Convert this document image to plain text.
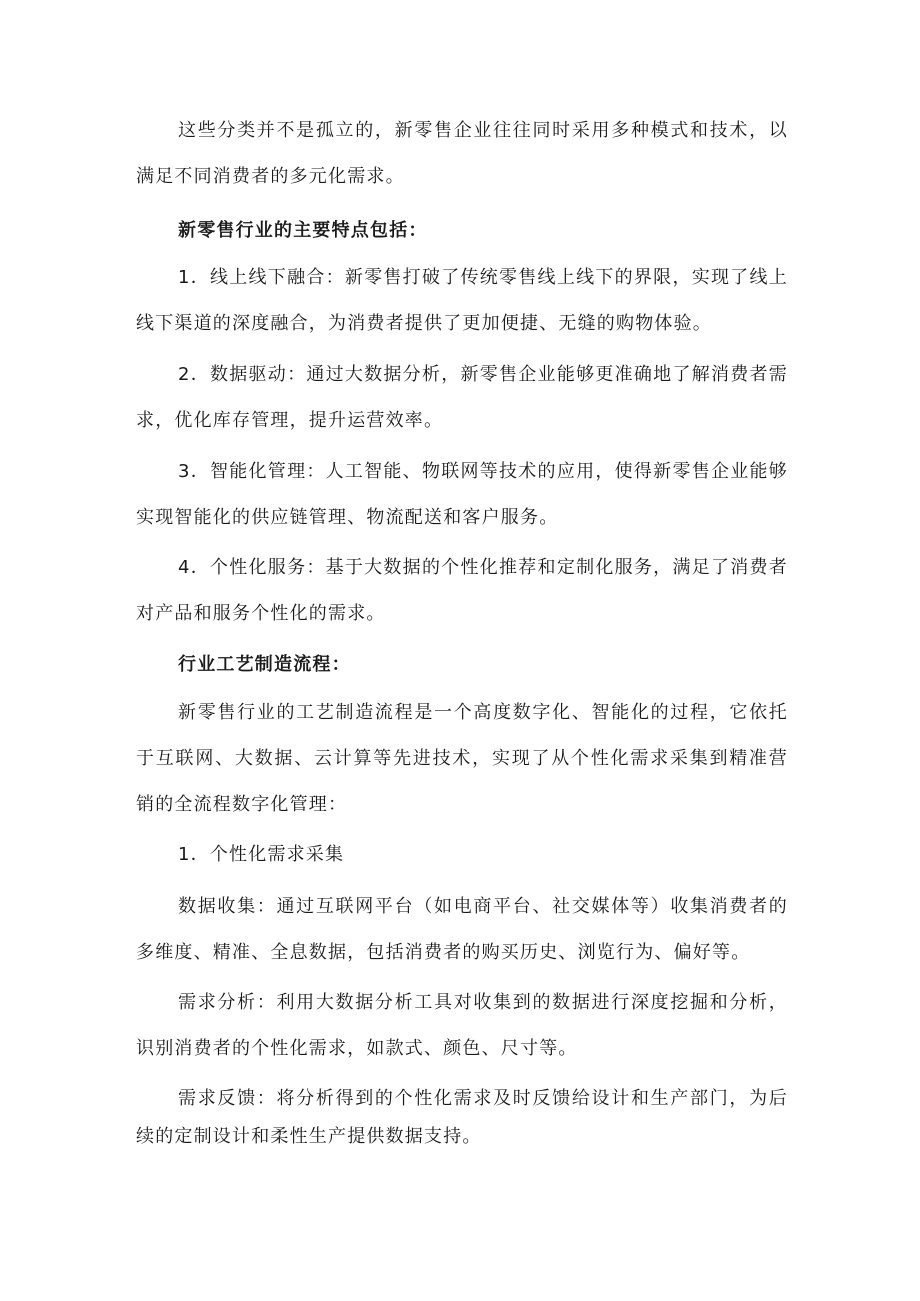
这些分类并不是孤立的，新零售企业往往同时采用多种模式和技术，以满足不同消费者的多元化需求。

新零售行业的主要特点包括：

1．线上线下融合：新零售打破了传统零售线上线下的界限，实现了线上线下渠道的深度融合，为消费者提供了更加便捷、无缝的购物体验。

2．数据驱动：通过大数据分析，新零售企业能够更准确地了解消费者需求，优化库存管理，提升运营效率。

3．智能化管理：人工智能、物联网等技术的应用，使得新零售企业能够实现智能化的供应链管理、物流配送和客户服务。

4．个性化服务：基于大数据的个性化推荐和定制化服务，满足了消费者对产品和服务个性化的需求。

行业工艺制造流程：

新零售行业的工艺制造流程是一个高度数字化、智能化的过程，它依托于互联网、大数据、云计算等先进技术，实现了从个性化需求采集到精准营销的全流程数字化管理：

1．个性化需求采集

数据收集：通过互联网平台（如电商平台、社交媒体等）收集消费者的多维度、精准、全息数据，包括消费者的购买历史、浏览行为、偏好等。

需求分析：利用大数据分析工具对收集到的数据进行深度挖掘和分析，识别消费者的个性化需求，如款式、颜色、尺寸等。

需求反馈：将分析得到的个性化需求及时反馈给设计和生产部门，为后续的定制设计和柔性生产提供数据支持。
